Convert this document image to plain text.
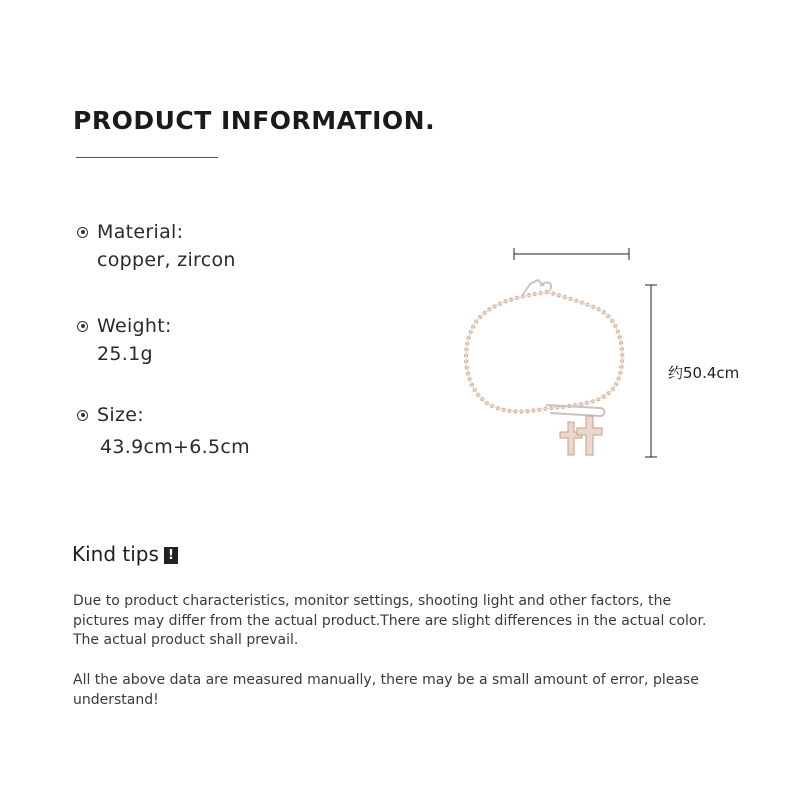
PRODUCT INFORMATION.
Material:
copper, zircon
Weight:
25.1g
Size:
43.9cm+6.5cm
约50.4cm
Kind tips !

Due to product characteristics, monitor settings, shooting light and other factors, the pictures may differ from the actual product.There are slight differences in the actual color. The actual product shall prevail.

All the above data are measured manually, there may be a small amount of error, please understand!
